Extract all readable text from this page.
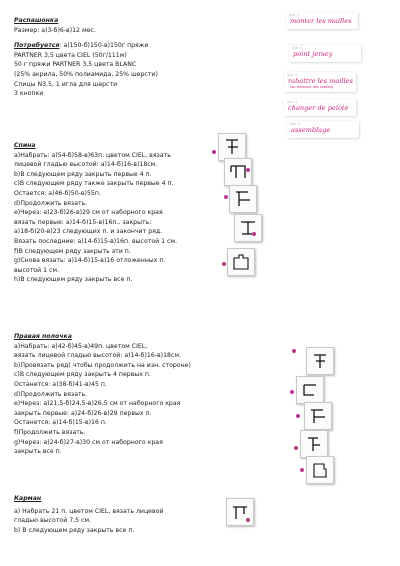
Распашонка
Размер: а)3-б)6-в)12 мес.
Потребуется: а)150-б)150-в)150г пряжи
PARTNER 3,5 цвета CIEL (50г/111м)
50 г пряжи PARTNER 3,5 цвета BLANC
(25% акрила, 50% полиамида, 25% шерсти)
Спицы N3,5, 1 игла для шерсти
3 кнопки
Спина
а)Набрать: а)54-б)58-в)63п. цветом CIEL, вязать
лицевой гладью высотой: а)14-б)16-в)18см.
b)В следующем ряду закрыть первые 4 п.
c)В следующем ряду также закрыть первые 4 п.
Остается: а)46-б)50-в)55п.
d)Продолжить вязать.
e)Через: а)23-б)26-в)29 см от наборного края
вязать первые: а)14-б)15-в)16п., закрыть:
а)18-б)20-в)23 следующих п. и закончит ряд.
Вязать последние: а)14-б)15-в)16п. высотой 1 см.
f)В следующем ряду закрыть эти п.
g)Снова вязать: а)14-б)15-в)16 отложенных п.
высотой 1 см.
h)В следующем ряду закрыть все п.
Правая полочка
а)Набрать: а)42-б)45-в)49п. цветом CIEL,
вязать лицевой гладью высотой: а)14-б)16-в)18см.
b)Провязать ряд( чтобы продолжить на изн. стороне)
c)В следующем ряду закрыть 4 первых п.
Останется: а)38-б)41-в)45 п.
d)Продолжить вязать.
e)Через: а)21,5-б)24,5-в)26,5 см от наборного края
закрыть первые: а)24-б)26-в)29 первых п.
Останется: а)14-б)15-в)16 п.
f)Продолжить вязать.
g)Через: а)24-б)27-в)30 см от наборного края
закрыть все п.
Карман
а) Набрать 21 п. цветом CIEL, вязать лицевой
гладью высотой 7,5 см.
b) В следующем ряду закрыть все п.
Шаг 1
monter les mailles
Шаг 2
point jersey
Шаг 3
rabattre les mailles
(au diminuer des mailles)
Шаг 4
changer de pelote
Шаг 5
assemblage
